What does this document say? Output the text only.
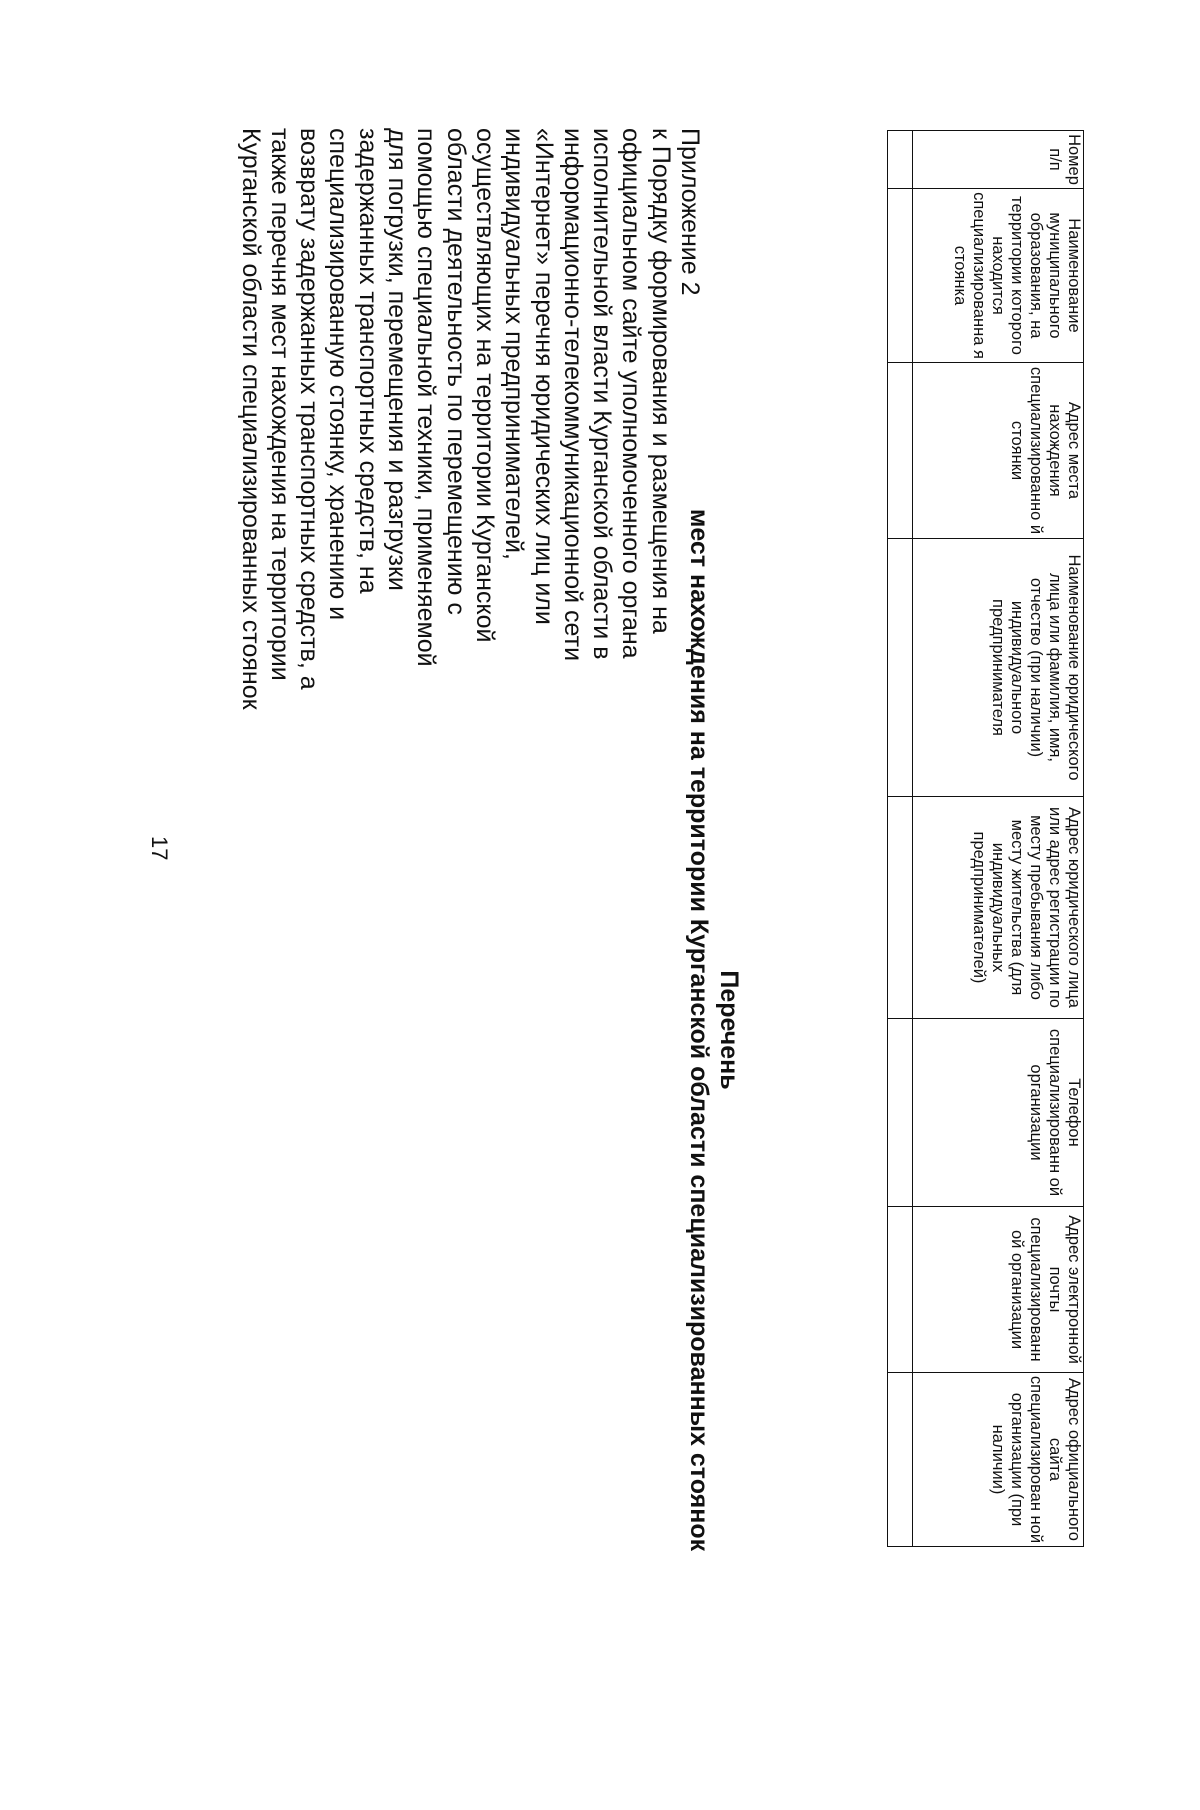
17
Приложение 2
к Порядку формирования и размещения на
официальном сайте уполномоченного органа
исполнительной власти Курганской области в
информационно-телекоммуникационной сети
«Интернет» перечня юридических лиц или
индивидуальных предпринимателей,
осуществляющих на территории Курганской
области деятельность по перемещению с
помощью специальной техники, применяемой
для погрузки, перемещения и разгрузки
задержанных транспортных средств, на
специализированную стоянку, хранению и
возврату задержанных транспортных средств, а
также перечня мест нахождения на территории
Курганской области специализированных стоянок
Перечень
мест нахождения на территории Курганской области специализированных стоянок
Номер п/п	Наименование муниципального образования, на территории которого находится специализированна я стоянка	Адрес места нахождения специализированно й стоянки	Наименование юридического лица или фамилия, имя, отчество (при наличии) индивидуального предпринимателя	Адрес юридического лица или адрес регистрации по месту пребывания либо месту жительства (для индивидуальных предпринимателей)	Телефон специализированн ой организации	Адрес электронной почты специализированн ой организации	Адрес официального сайта специализирован ной организации (при наличии)
